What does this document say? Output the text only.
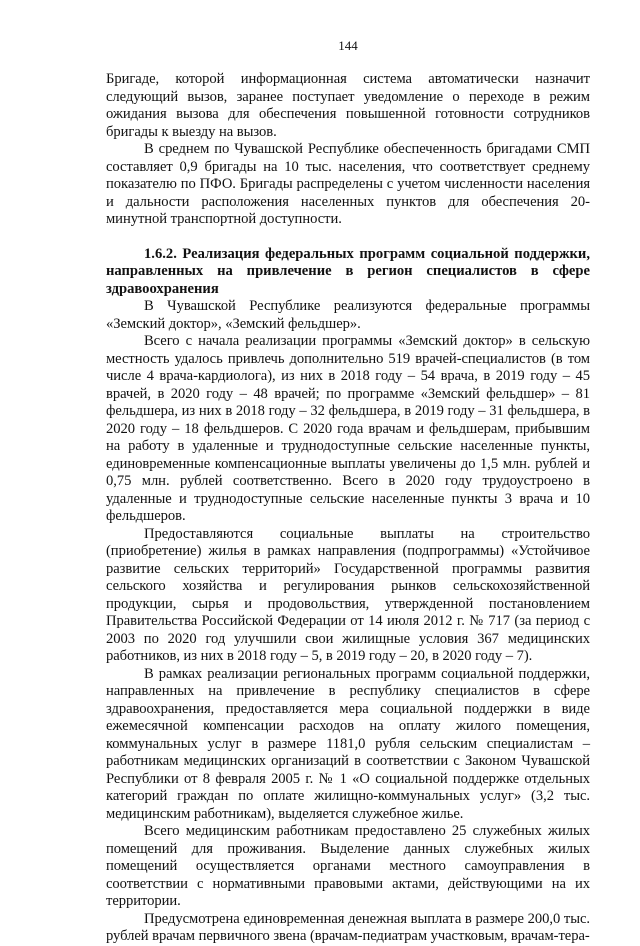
144

Бригаде, которой информационная система автоматически назначит следующий вызов, заранее поступает уведомление о переходе в режим ожидания вызова для обеспечения повышенной готовности сотрудников бригады к выезду на вызов.

В среднем по Чувашской Республике обеспеченность бригадами СМП составляет 0,9 бригады на 10 тыс. населения, что соответствует среднему показателю по ПФО. Бригады распределены с учетом численности населения и дальности расположения населенных пунктов для обеспечения 20-минутной транспортной доступности.

1.6.2. Реализация федеральных программ социальной поддержки, направленных на привлечение в регион специалистов в сфере здравоохранения

В Чувашской Республике реализуются федеральные программы «Земский доктор», «Земский фельдшер».

Всего с начала реализации программы «Земский доктор» в сельскую местность удалось привлечь дополнительно 519 врачей-специалистов (в том числе 4 врача-кардиолога), из них в 2018 году – 54 врача, в 2019 году – 45 врачей, в 2020 году – 48 врачей; по программе «Земский фельдшер» – 81 фельдшера, из них в 2018 году – 32 фельдшера, в 2019 году – 31 фельдшера, в 2020 году – 18 фельдшеров. С 2020 года врачам и фельдшерам, прибывшим на работу в удаленные и труднодоступные сельские населенные пункты, единовременные компенсационные выплаты увеличены до 1,5 млн. рублей и 0,75 млн. рублей соответственно. Всего в 2020 году трудоустроено в удаленные и труднодоступные сельские населенные пункты 3 врача и 10 фельдшеров.

Предоставляются социальные выплаты на строительство (приобретение) жилья в рамках направления (подпрограммы) «Устойчивое развитие сельских территорий» Государственной программы развития сельского хозяйства и регулирования рынков сельскохозяйственной продукции, сырья и продовольствия, утвержденной постановлением Правительства Российской Федерации от 14 июля 2012 г. № 717 (за период с 2003 по 2020 год улучшили свои жилищные условия 367 медицинских работников, из них в 2018 году – 5, в 2019 году – 20, в 2020 году – 7).

В рамках реализации региональных программ социальной поддержки, направленных на привлечение в республику специалистов в сфере здравоохранения, предоставляется мера социальной поддержки в виде ежемесячной компенсации расходов на оплату жилого помещения, коммунальных услуг в размере 1181,0 рубля сельским специалистам – работникам медицинских организаций в соответствии с Законом Чувашской Республики от 8 февраля 2005 г. № 1 «О социальной поддержке отдельных категорий граждан по оплате жилищно-коммунальных услуг» (3,2 тыс. медицинским работникам), выделяется служебное жилье.

Всего медицинским работникам предоставлено 25 служебных жилых помещений для проживания. Выделение данных служебных жилых помещений осуществляется органами местного самоуправления в соответствии с нормативными правовыми актами, действующими на их территории.

Предусмотрена единовременная денежная выплата в размере 200,0 тыс. рублей врачам первичного звена (врачам-педиатрам участковым, врачам-тера-
